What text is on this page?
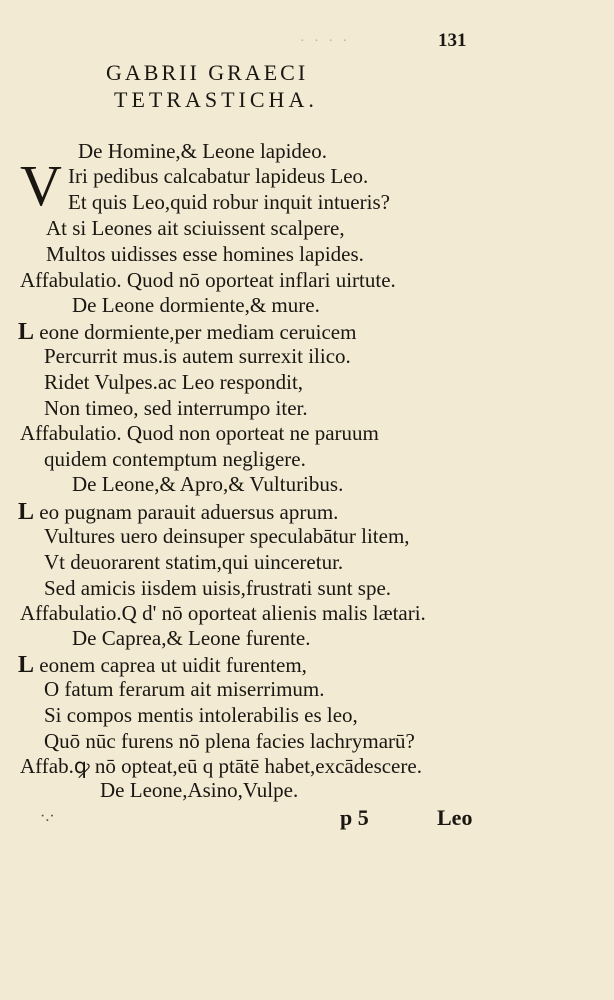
· · · ·	131
GABRII GRAECI
TETRASTICHA.
De Homine,& Leone lapideo.
V Iri pedibus calcabatur lapideus Leo.
Et quis Leo,quid robur inquit intueris?
At si Leones ait sciuissent scalpere,
Multos uidisses esse homines lapides.
Affabulatio. Quod nō oporteat inflari uirtute.
De Leone dormiente,& mure.
L eone dormiente,per mediam ceruicem
Percurrit mus.is autem surrexit ilico.
Ridet Vulpes.ac Leo respondit,
Non timeo, sed interrumpo iter.
Affabulatio. Quod non oporteat ne paruum
quidem contemptum negligere.
De Leone,& Apro,& Vulturibus.
L eo pugnam parauit aduersus aprum.
Vultures uero deinsuper speculabātur litem,
Vt deuorarent statim,qui uinceretur.
Sed amicis iisdem uisis,frustrati sunt spe.
Affabulatio.Q d' nō oporteat alienis malis lætari.
De Caprea,& Leone furente.
L eonem caprea ut uidit furentem,
O fatum ferarum ait miserrimum.
Si compos mentis intolerabilis es leo,
Quō nūc furens nō plena facies lachrymarū?
Affab.ꝙ nō opteat,eū q ptātē habet,excādescere.
De Leone,Asino,Vulpe.
·.·	p 5	Leo
